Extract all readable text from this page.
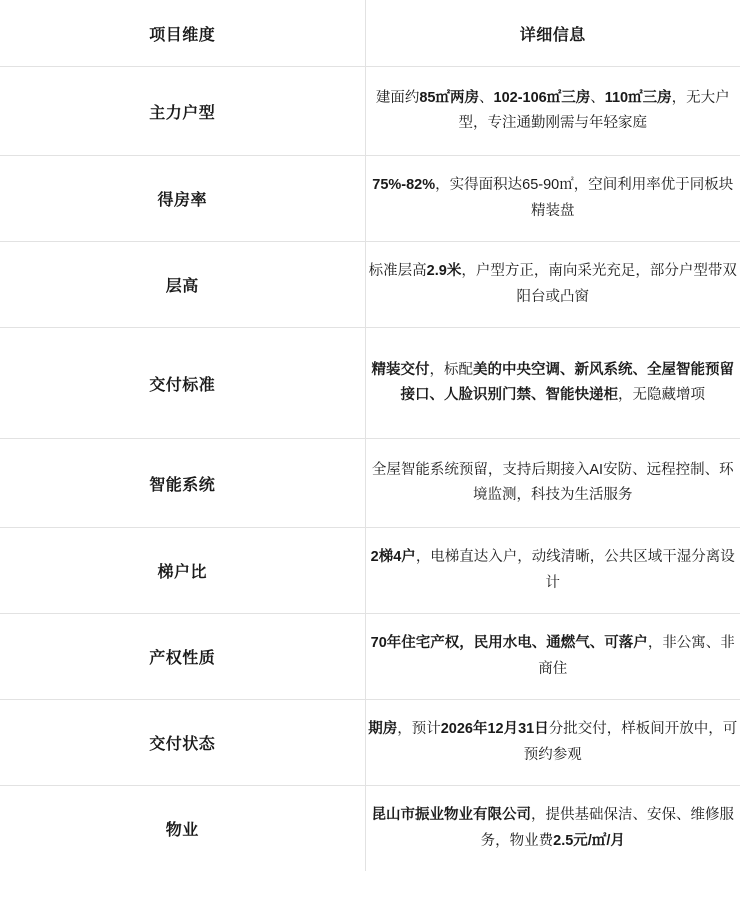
项目维度	详细信息
主力户型	建面约85㎡两房、102-106㎡三房、110㎡三房，无大户型，专注通勤刚需与年轻家庭

得房率	75%-82%，实得面积达65-90㎡，空间利用率优于同板块精装盘

层高	标准层高2.9米，户型方正，南向采光充足，部分户型带双阳台或凸窗

交付标准	精装交付，标配美的中央空调、新风系统、全屋智能预留接口、人脸识别门禁、智能快递柜，无隐藏增项

智能系统	全屋智能系统预留，支持后期接入AI安防、远程控制、环境监测，科技为生活服务

梯户比	2梯4户，电梯直达入户，动线清晰，公共区域干湿分离设计

产权性质	70年住宅产权，民用水电、通燃气、可落户，非公寓、非商住

交付状态	期房，预计2026年12月31日分批交付，样板间开放中，可预约参观

物业	昆山市振业物业有限公司，提供基础保洁、安保、维修服务，物业费2.5元/㎡/月
